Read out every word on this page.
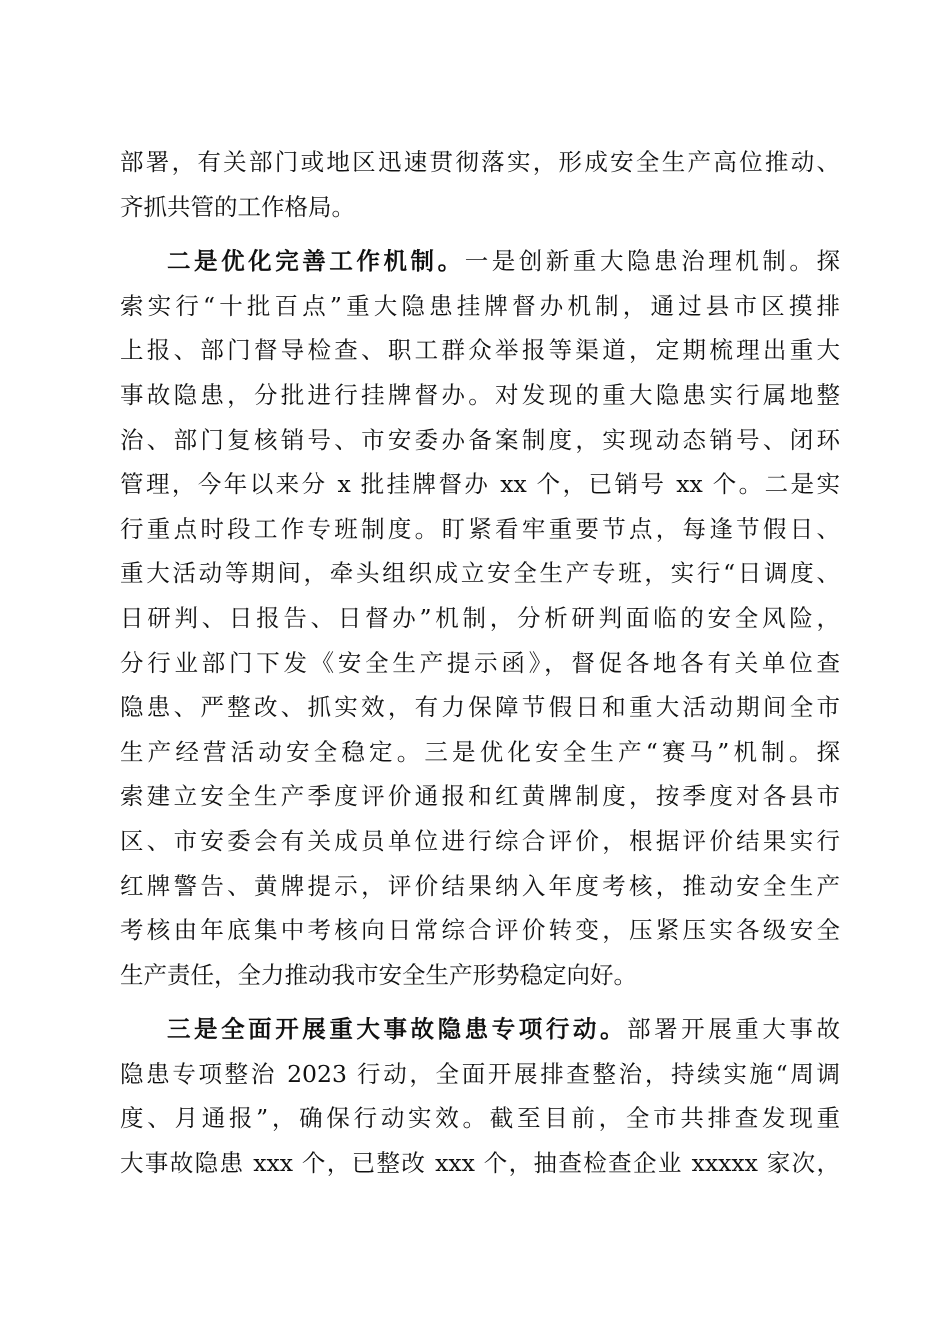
部署，有关部门或地区迅速贯彻落实，形成安全生产高位推动、
齐抓共管的工作格局。
二是优化完善工作机制。一是创新重大隐患治理机制。探
索实行“十批百点”重大隐患挂牌督办机制，通过县市区摸排
上报、部门督导检查、职工群众举报等渠道，定期梳理出重大
事故隐患，分批进行挂牌督办。对发现的重大隐患实行属地整
治、部门复核销号、市安委办备案制度，实现动态销号、闭环
管理，今年以来分 x 批挂牌督办 xx 个，已销号 xx 个。二是实
行重点时段工作专班制度。盯紧看牢重要节点，每逢节假日、
重大活动等期间，牵头组织成立安全生产专班，实行“日调度、
日研判、日报告、日督办”机制，分析研判面临的安全风险，
分行业部门下发《安全生产提示函》，督促各地各有关单位查
隐患、严整改、抓实效，有力保障节假日和重大活动期间全市
生产经营活动安全稳定。三是优化安全生产“赛马”机制。探
索建立安全生产季度评价通报和红黄牌制度，按季度对各县市
区、市安委会有关成员单位进行综合评价，根据评价结果实行
红牌警告、黄牌提示，评价结果纳入年度考核，推动安全生产
考核由年底集中考核向日常综合评价转变，压紧压实各级安全
生产责任，全力推动我市安全生产形势稳定向好。
三是全面开展重大事故隐患专项行动。部署开展重大事故
隐患专项整治 2023 行动，全面开展排查整治，持续实施“周调
度、月通报”，确保行动实效。截至目前，全市共排查发现重
大事故隐患 xxx 个，已整改 xxx 个，抽查检查企业 xxxxx 家次，
